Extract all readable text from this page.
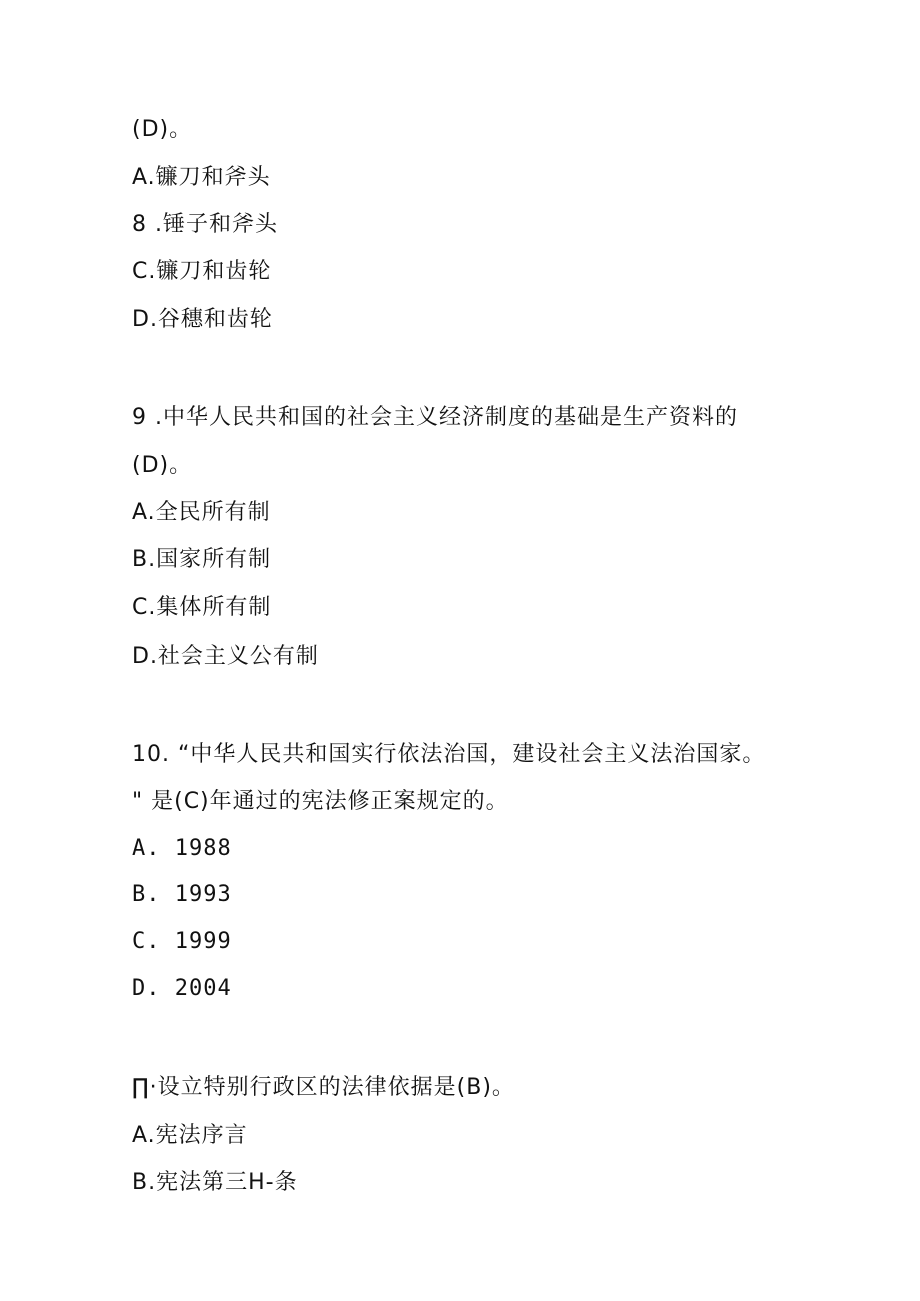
(D)。
A.镰刀和斧头
8 .锤子和斧头
C.镰刀和齿轮
D.谷穗和齿轮
9 .中华人民共和国的社会主义经济制度的基础是生产资料的
(D)。
A.全民所有制
B.国家所有制
C.集体所有制
D.社会主义公有制
10. “中华人民共和国实行依法治国，建设社会主义法治国家。
" 是(C)年通过的宪法修正案规定的。
A. 1988
B. 1993
C. 1999
D. 2004
∏·设立特别行政区的法律依据是(B)。
A.宪法序言
B.宪法第三H-条
